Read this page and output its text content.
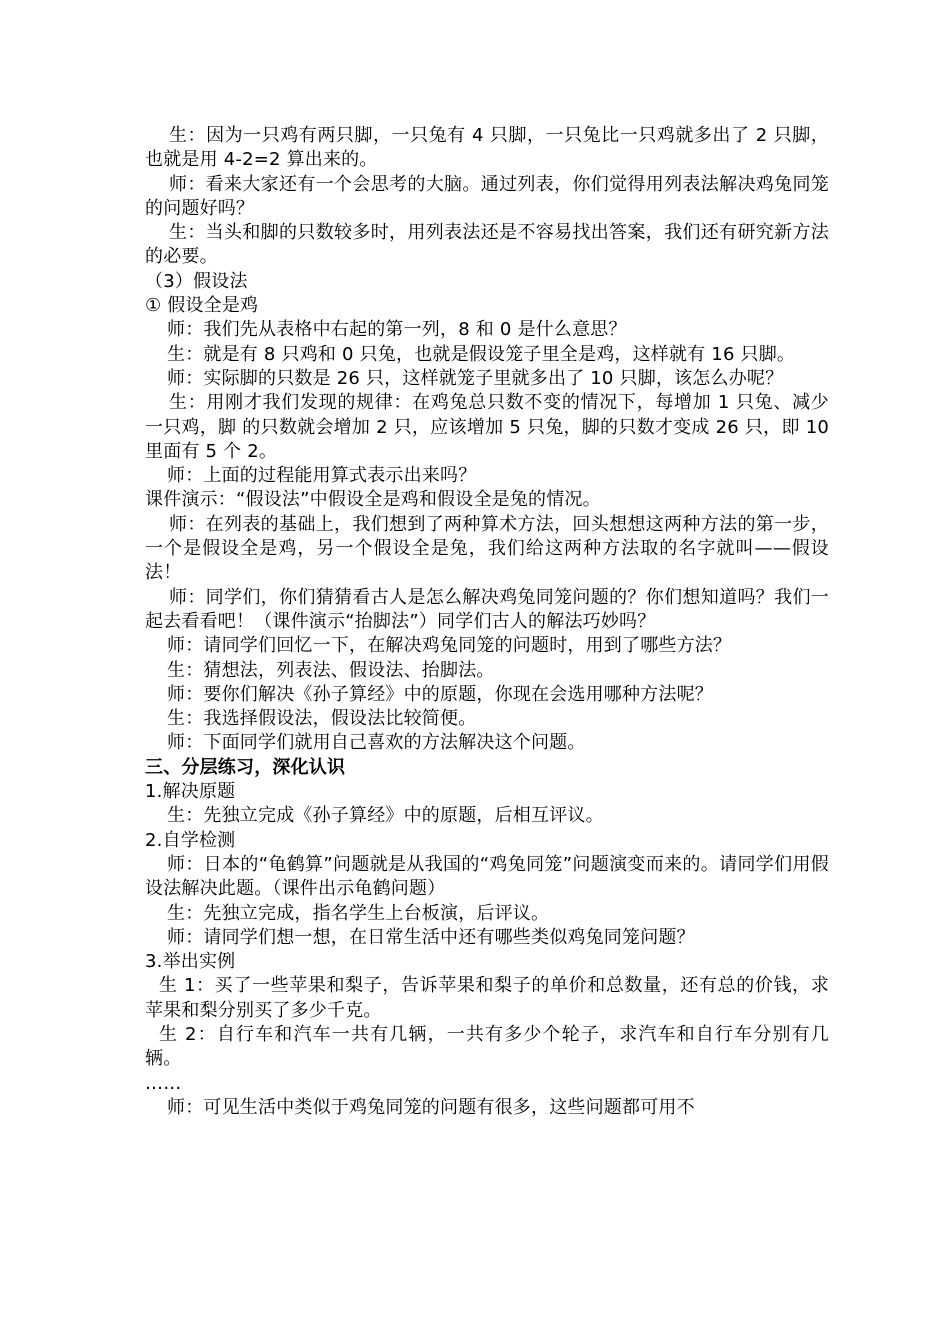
生：因为一只鸡有两只脚，一只兔有 4 只脚，一只兔比一只鸡就多出了 2 只脚，也就是用 4-2=2 算出来的。

师：看来大家还有一个会思考的大脑。通过列表，你们觉得用列表法解决鸡兔同笼的问题好吗？

生：当头和脚的只数较多时，用列表法还是不容易找出答案，我们还有研究新方法的必要。

（3）假设法

① 假设全是鸡

师：我们先从表格中右起的第一列，8 和 0 是什么意思？

生：就是有 8 只鸡和 0 只兔，也就是假设笼子里全是鸡，这样就有 16 只脚。

师：实际脚的只数是 26 只，这样就笼子里就多出了 10 只脚，该怎么办呢？

生：用刚才我们发现的规律：在鸡兔总只数不变的情况下，每增加 1 只兔、减少一只鸡，脚 的只数就会增加 2 只，应该增加 5 只兔，脚的只数才变成 26 只，即 10 里面有 5 个 2。

师：上面的过程能用算式表示出来吗？

课件演示：“假设法”中假设全是鸡和假设全是兔的情况。

师：在列表的基础上，我们想到了两种算术方法，回头想想这两种方法的第一步，一个是假设全是鸡，另一个假设全是兔，我们给这两种方法取的名字就叫——假设法！

师：同学们，你们猜猜看古人是怎么解决鸡兔同笼问题的？你们想知道吗？我们一起去看看吧！（课件演示“抬脚法”）同学们古人的解法巧妙吗？

师：请同学们回忆一下，在解决鸡兔同笼的问题时，用到了哪些方法？

生：猜想法，列表法、假设法、抬脚法。

师：要你们解决《孙子算经》中的原题，你现在会选用哪种方法呢？

生：我选择假设法，假设法比较简便。

师：下面同学们就用自己喜欢的方法解决这个问题。

三、分层练习，深化认识

1.解决原题

生：先独立完成《孙子算经》中的原题，后相互评议。

2.自学检测

师：日本的“龟鹤算”问题就是从我国的“鸡兔同笼”问题演变而来的。请同学们用假设法解决此题。（课件出示龟鹤问题）

生：先独立完成，指名学生上台板演，后评议。

师：请同学们想一想，在日常生活中还有哪些类似鸡兔同笼问题？

3.举出实例

生 1：买了一些苹果和梨子，告诉苹果和梨子的单价和总数量，还有总的价钱，求苹果和梨分别买了多少千克。

生 2：自行车和汽车一共有几辆，一共有多少个轮子，求汽车和自行车分别有几辆。

……

师：可见生活中类似于鸡兔同笼的问题有很多，这些问题都可用不
